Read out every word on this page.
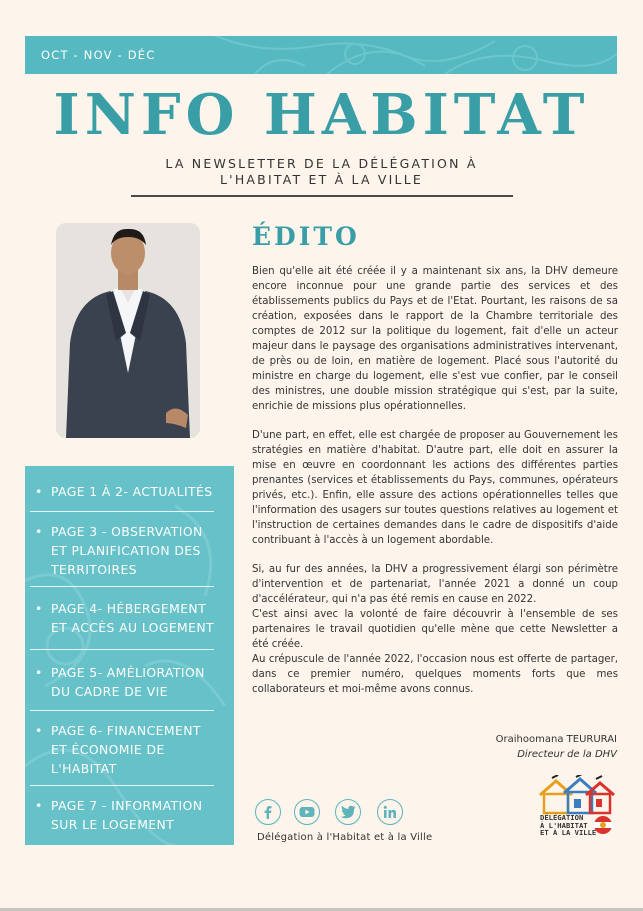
OCT - NOV - DÉC
INFO HABITAT
LA NEWSLETTER DE LA DÉLÉGATION À
L'HABITAT ET À LA VILLE
ÉDITO

Bien qu'elle ait été créée il y a maintenant six ans, la DHV demeure encore inconnue pour une grande partie des services et des établissements publics du Pays et de l'Etat. Pourtant, les raisons de sa création, exposées dans le rapport de la Chambre territoriale des comptes de 2012 sur la politique du logement, fait d'elle un acteur majeur dans le paysage des organisations administratives intervenant, de près ou de loin, en matière de logement. Placé sous l'autorité du ministre en charge du logement, elle s'est vue confier, par le conseil des ministres, une double mission stratégique qui s'est, par la suite, enrichie de missions plus opérationnelles.

D'une part, en effet, elle est chargée de proposer au Gouvernement les stratégies en matière d'habitat. D'autre part, elle doit en assurer la mise en œuvre en coordonnant les actions des différentes parties prenantes (services et établissements du Pays, communes, opérateurs privés, etc.). Enfin, elle assure des actions opérationnelles telles que l'information des usagers sur toutes questions relatives au logement et l'instruction de certaines demandes dans le cadre de dispositifs d'aide contribuant à l'accès à un logement abordable.

Si, au fur des années, la DHV a progressivement élargi son périmètre d'intervention et de partenariat, l'année 2021 a donné un coup d'accélérateur, qui n'a pas été remis en cause en 2022.

C'est ainsi avec la volonté de faire découvrir à l'ensemble de ses partenaires le travail quotidien qu'elle mène que cette Newsletter a été créée.

Au crépuscule de l'année 2022, l'occasion nous est offerte de partager, dans ce premier numéro, quelques moments forts que mes collaborateurs et moi-même avons connus.

Oraihoomana TEURURAI
Directeur de la DHV
• PAGE 1 À 2- ACTUALITÉS
• PAGE 3 - OBSERVATION
ET PLANIFICATION DES
TERRITOIRES
• PAGE 4- HÉBERGEMENT
ET ACCÈS AU LOGEMENT
• PAGE 5- AMÉLIORATION
DU CADRE DE VIE
• PAGE 6- FINANCEMENT
ET ÉCONOMIE DE
L'HABITAT
• PAGE 7 - INFORMATION
SUR LE LOGEMENT
Délégation à l'Habitat et à la Ville
DÉLÉGATION
À L'HABITAT
ET À LA VILLE
